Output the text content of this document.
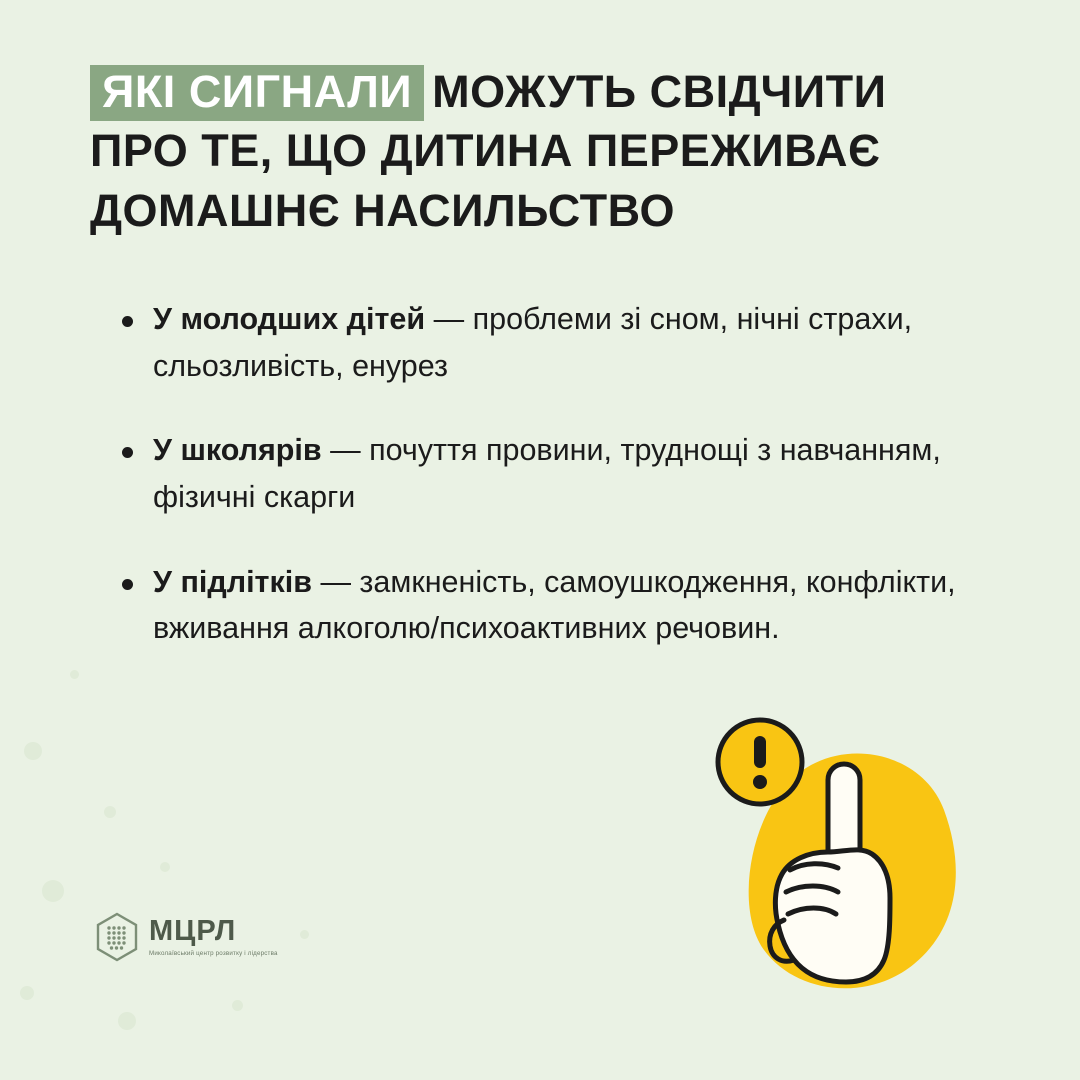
ЯКІ СИГНАЛИ МОЖУТЬ СВІДЧИТИ
ПРО ТЕ, ЩО ДИТИНА ПЕРЕЖИВАЄ
ДОМАШНЄ НАСИЛЬСТВО
У молодших дітей — проблеми зі сном, нічні страхи, сльозливість, енурез
У школярів — почуття провини, труднощі з навчанням, фізичні скарги
У підлітків — замкненість, самоушкодження, конфлікти, вживання алкоголю/психоактивних речовин.
МЦРЛ
Миколаївський центр розвитку і лідерства
